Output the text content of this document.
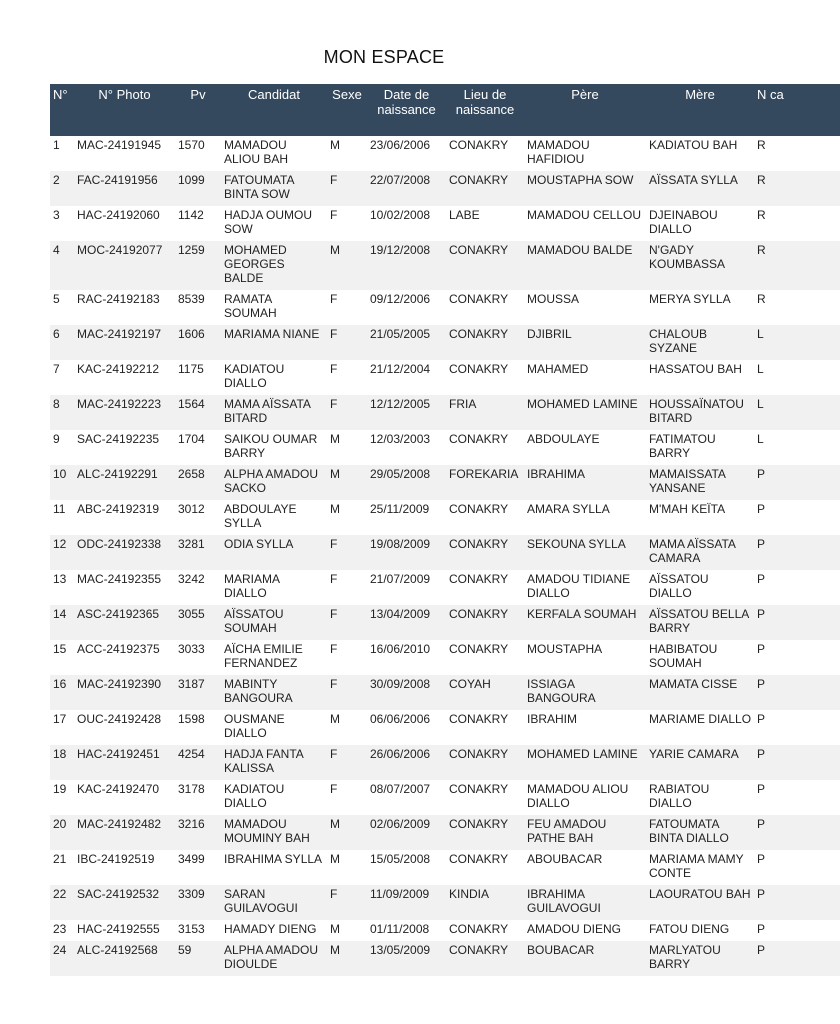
MON ESPACE
N°	N° Photo	Pv	Candidat	Sexe	Date de naissance	Lieu de naissance	Père	Mère	N ca
1	MAC-24191945	1570	MAMADOU ALIOU BAH	M	23/06/2006	CONAKRY	MAMADOU HAFIDIOU	KADIATOU BAH	R
2	FAC-24191956	1099	FATOUMATA BINTA SOW	F	22/07/2008	CONAKRY	MOUSTAPHA SOW	AÏSSATA SYLLA	R
3	HAC-24192060	1142	HADJA OUMOU SOW	F	10/02/2008	LABE	MAMADOU CELLOU	DJEINABOU DIALLO	R
4	MOC-24192077	1259	MOHAMED GEORGES BALDE	M	19/12/2008	CONAKRY	MAMADOU BALDE	N'GADY KOUMBASSA	R
5	RAC-24192183	8539	RAMATA SOUMAH	F	09/12/2006	CONAKRY	MOUSSA	MERYA SYLLA	R
6	MAC-24192197	1606	MARIAMA NIANE	F	21/05/2005	CONAKRY	DJIBRIL	CHALOUB SYZANE	L
7	KAC-24192212	1175	KADIATOU DIALLO	F	21/12/2004	CONAKRY	MAHAMED	HASSATOU BAH	L
8	MAC-24192223	1564	MAMA AÏSSATA BITARD	F	12/12/2005	FRIA	MOHAMED LAMINE	HOUSSAÏNATOU BITARD	L
9	SAC-24192235	1704	SAIKOU OUMAR BARRY	M	12/03/2003	CONAKRY	ABDOULAYE	FATIMATOU BARRY	L
10	ALC-24192291	2658	ALPHA AMADOU SACKO	M	29/05/2008	FOREKARIA	IBRAHIMA	MAMAISSATA YANSANE	P
11	ABC-24192319	3012	ABDOULAYE SYLLA	M	25/11/2009	CONAKRY	AMARA SYLLA	M'MAH KEÏTA	P
12	ODC-24192338	3281	ODIA SYLLA	F	19/08/2009	CONAKRY	SEKOUNA SYLLA	MAMA AÏSSATA CAMARA	P
13	MAC-24192355	3242	MARIAMA DIALLO	F	21/07/2009	CONAKRY	AMADOU TIDIANE DIALLO	AÏSSATOU DIALLO	P
14	ASC-24192365	3055	AÏSSATOU SOUMAH	F	13/04/2009	CONAKRY	KERFALA SOUMAH	AÏSSATOU BELLA BARRY	P
15	ACC-24192375	3033	AÏCHA EMILIE FERNANDEZ	F	16/06/2010	CONAKRY	MOUSTAPHA	HABIBATOU SOUMAH	P
16	MAC-24192390	3187	MABINTY BANGOURA	F	30/09/2008	COYAH	ISSIAGA BANGOURA	MAMATA CISSE	P
17	OUC-24192428	1598	OUSMANE DIALLO	M	06/06/2006	CONAKRY	IBRAHIM	MARIAME DIALLO	P
18	HAC-24192451	4254	HADJA FANTA KALISSA	F	26/06/2006	CONAKRY	MOHAMED LAMINE	YARIE CAMARA	P
19	KAC-24192470	3178	KADIATOU DIALLO	F	08/07/2007	CONAKRY	MAMADOU ALIOU DIALLO	RABIATOU DIALLO	P
20	MAC-24192482	3216	MAMADOU MOUMINY BAH	M	02/06/2009	CONAKRY	FEU AMADOU PATHE BAH	FATOUMATA BINTA DIALLO	P
21	IBC-24192519	3499	IBRAHIMA SYLLA	M	15/05/2008	CONAKRY	ABOUBACAR	MARIAMA MAMY CONTE	P
22	SAC-24192532	3309	SARAN GUILAVOGUI	F	11/09/2009	KINDIA	IBRAHIMA GUILAVOGUI	LAOURATOU BAH	P
23	HAC-24192555	3153	HAMADY DIENG	M	01/11/2008	CONAKRY	AMADOU DIENG	FATOU DIENG	P
24	ALC-24192568	59	ALPHA AMADOU DIOULDE	M	13/05/2009	CONAKRY	BOUBACAR	MARLYATOU BARRY	P
